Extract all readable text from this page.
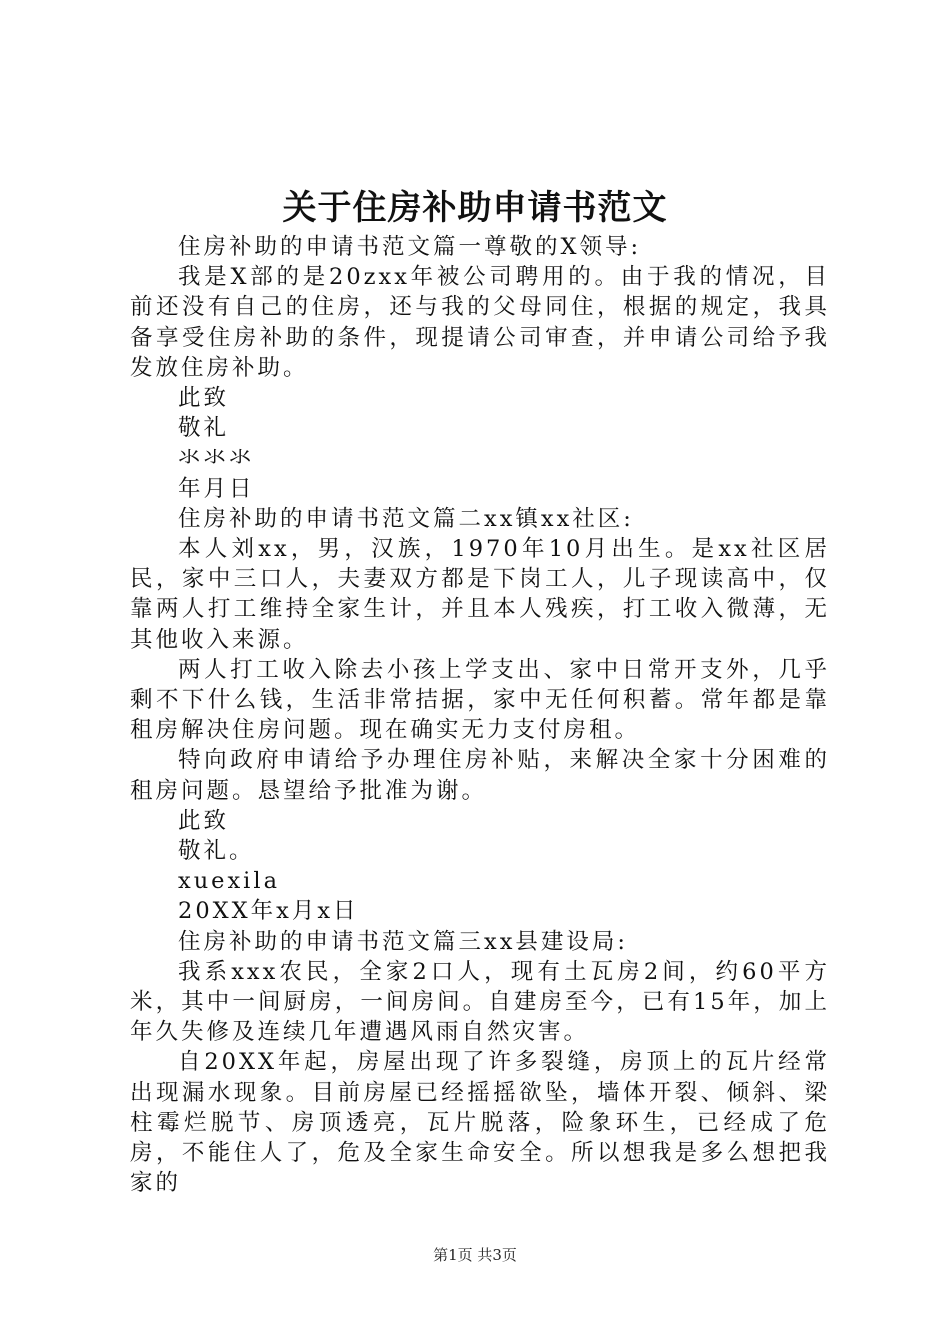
关于住房补助申请书范文

住房补助的申请书范文篇一尊敬的X领导:

我是X部的是20zxx年被公司聘用的。由于我的情况，目前还没有自己的住房，还与我的父母同住，根据的规定，我具备享受住房补助的条件，现提请公司审查，并申请公司给予我发放住房补助。

此致

敬礼

氺氺氺

年月日

住房补助的申请书范文篇二xx镇xx社区:

本人刘xx，男，汉族，1970年10月出生。是xx社区居民，家中三口人，夫妻双方都是下岗工人，儿子现读高中，仅靠两人打工维持全家生计，并且本人残疾，打工收入微薄，无其他收入来源。

两人打工收入除去小孩上学支出、家中日常开支外，几乎剩不下什么钱，生活非常拮据，家中无任何积蓄。常年都是靠租房解决住房问题。现在确实无力支付房租。

特向政府申请给予办理住房补贴，来解决全家十分困难的租房问题。恳望给予批准为谢。

此致

敬礼。

xuexila

20XX年x月x日

住房补助的申请书范文篇三xx县建设局:

我系xxx农民，全家2口人，现有土瓦房2间，约60平方米，其中一间厨房，一间房间。自建房至今，已有15年，加上年久失修及连续几年遭遇风雨自然灾害。

自20XX年起，房屋出现了许多裂缝，房顶上的瓦片经常出现漏水现象。目前房屋已经摇摇欲坠，墙体开裂、倾斜、梁柱霉烂脱节、房顶透亮，瓦片脱落，险象环生，已经成了危房，不能住人了，危及全家生命安全。所以想我是多么想把我家的

第1页 共3页
